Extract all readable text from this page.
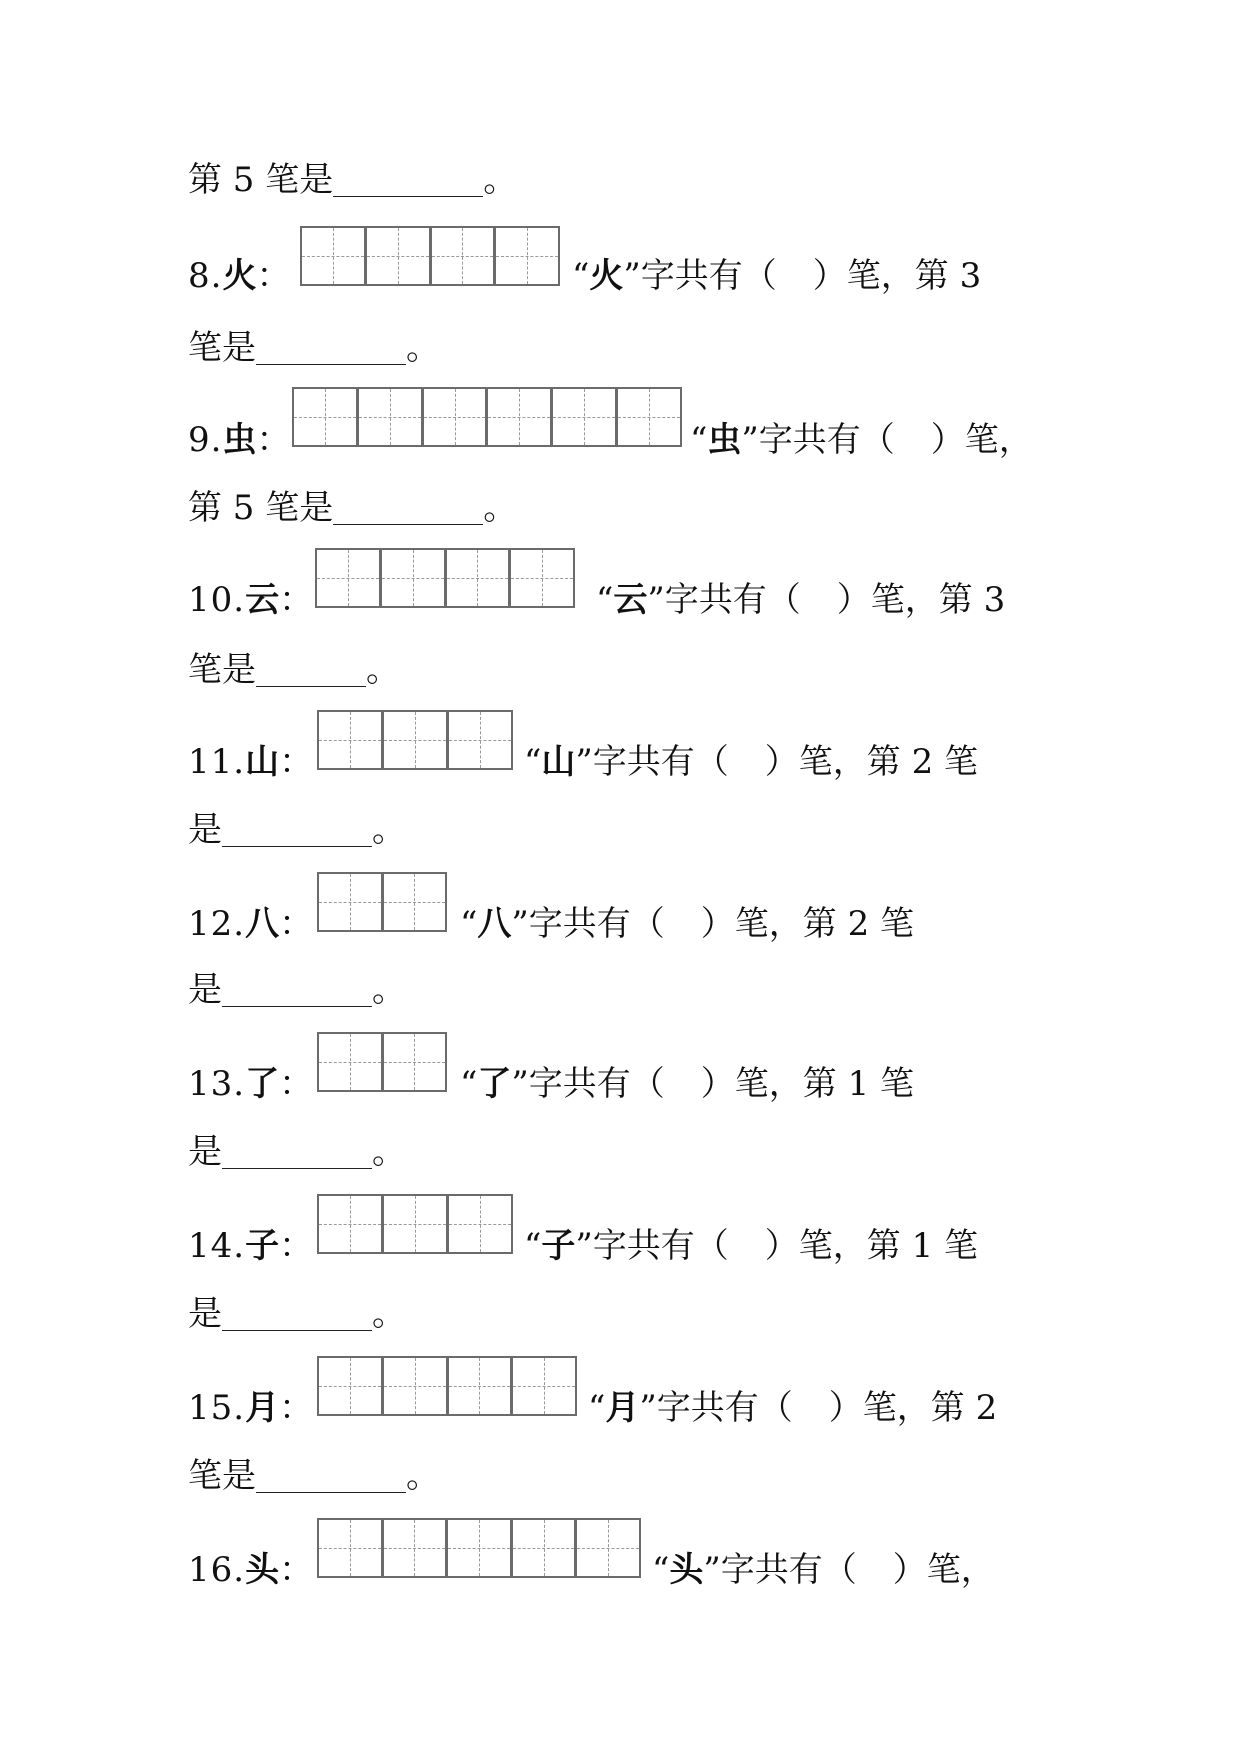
第 5 笔是	。
8.火：	“火”字共有（ ）笔，第 3
笔是	。
9.虫：	“虫”字共有（ ）笔，
第 5 笔是	。
10.云：	“云”字共有（ ）笔，第 3
笔是	。
11.山：	“山”字共有（ ）笔，第 2 笔
是	。
12.八：	“八”字共有（ ）笔，第 2 笔
是	。
13.了：	“了”字共有（ ）笔，第 1 笔
是	。
14.子：	“子”字共有（ ）笔，第 1 笔
是	。
15.月：	“月”字共有（ ）笔，第 2
笔是	。
16.头：	“头”字共有（ ）笔，
